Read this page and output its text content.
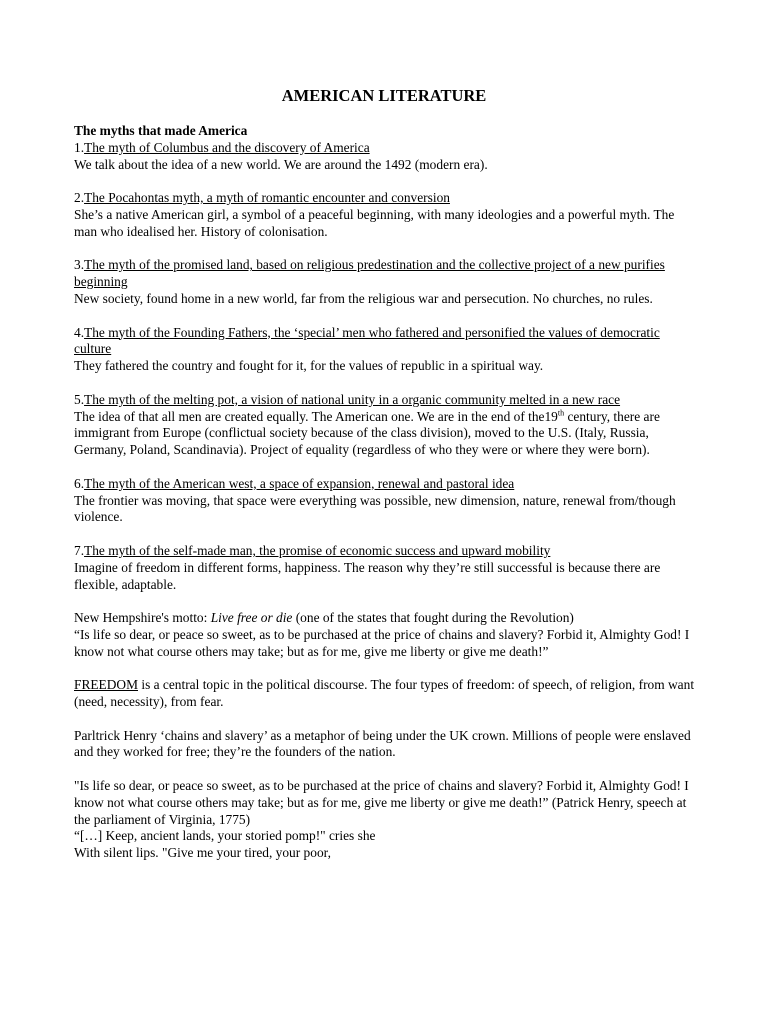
AMERICAN LITERATURE

The myths that made America

1.The myth of Columbus and the discovery of America

We talk about the idea of a new world. We are around the 1492 (modern era).

2.The Pocahontas myth, a myth of romantic encounter and conversion

She’s a native American girl, a symbol of a peaceful beginning, with many ideologies and a powerful myth. The man who idealised her. History of colonisation.

3.The myth of the promised land, based on religious predestination and the collective project of a new purifies beginning

New society, found home in a new world, far from the religious war and persecution. No churches, no rules.

4.The myth of the Founding Fathers, the ‘special’ men who fathered and personified the values of democratic culture

They fathered the country and fought for it, for the values of republic in a spiritual way.

5.The myth of the melting pot, a vision of national unity in a organic community melted in a new race

The idea of that all men are created equally. The American one. We are in the end of the19th century, there are immigrant from Europe (conflictual society because of the class division), moved to the U.S. (Italy, Russia, Germany, Poland, Scandinavia). Project of equality (regardless of who they were or where they were born).

6.The myth of the American west, a space of expansion, renewal and pastoral idea

The frontier was moving, that space were everything was possible, new dimension, nature, renewal from/though violence.

7.The myth of the self-made man, the promise of economic success and upward mobility

Imagine of freedom in different forms, happiness. The reason why they’re still successful is because there are flexible, adaptable.

New Hempshire's motto: Live free or die (one of the states that fought during the Revolution)

“Is life so dear, or peace so sweet, as to be purchased at the price of chains and slavery? Forbid it, Almighty God! I know not what course others may take; but as for me, give me liberty or give me death!”

FREEDOM is a central topic in the political discourse. The four types of freedom: of speech, of religion, from want (need, necessity), from fear.

Parltrick Henry ‘chains and slavery’ as a metaphor of being under the UK crown. Millions of people were enslaved and they worked for free; they’re the founders of the nation.

"Is life so dear, or peace so sweet, as to be purchased at the price of chains and slavery? Forbid it, Almighty God! I know not what course others may take; but as for me, give me liberty or give me death!” (Patrick Henry, speech at the parliament of Virginia, 1775)

“[…] Keep, ancient lands, your storied pomp!" cries she

With silent lips. "Give me your tired, your poor,
